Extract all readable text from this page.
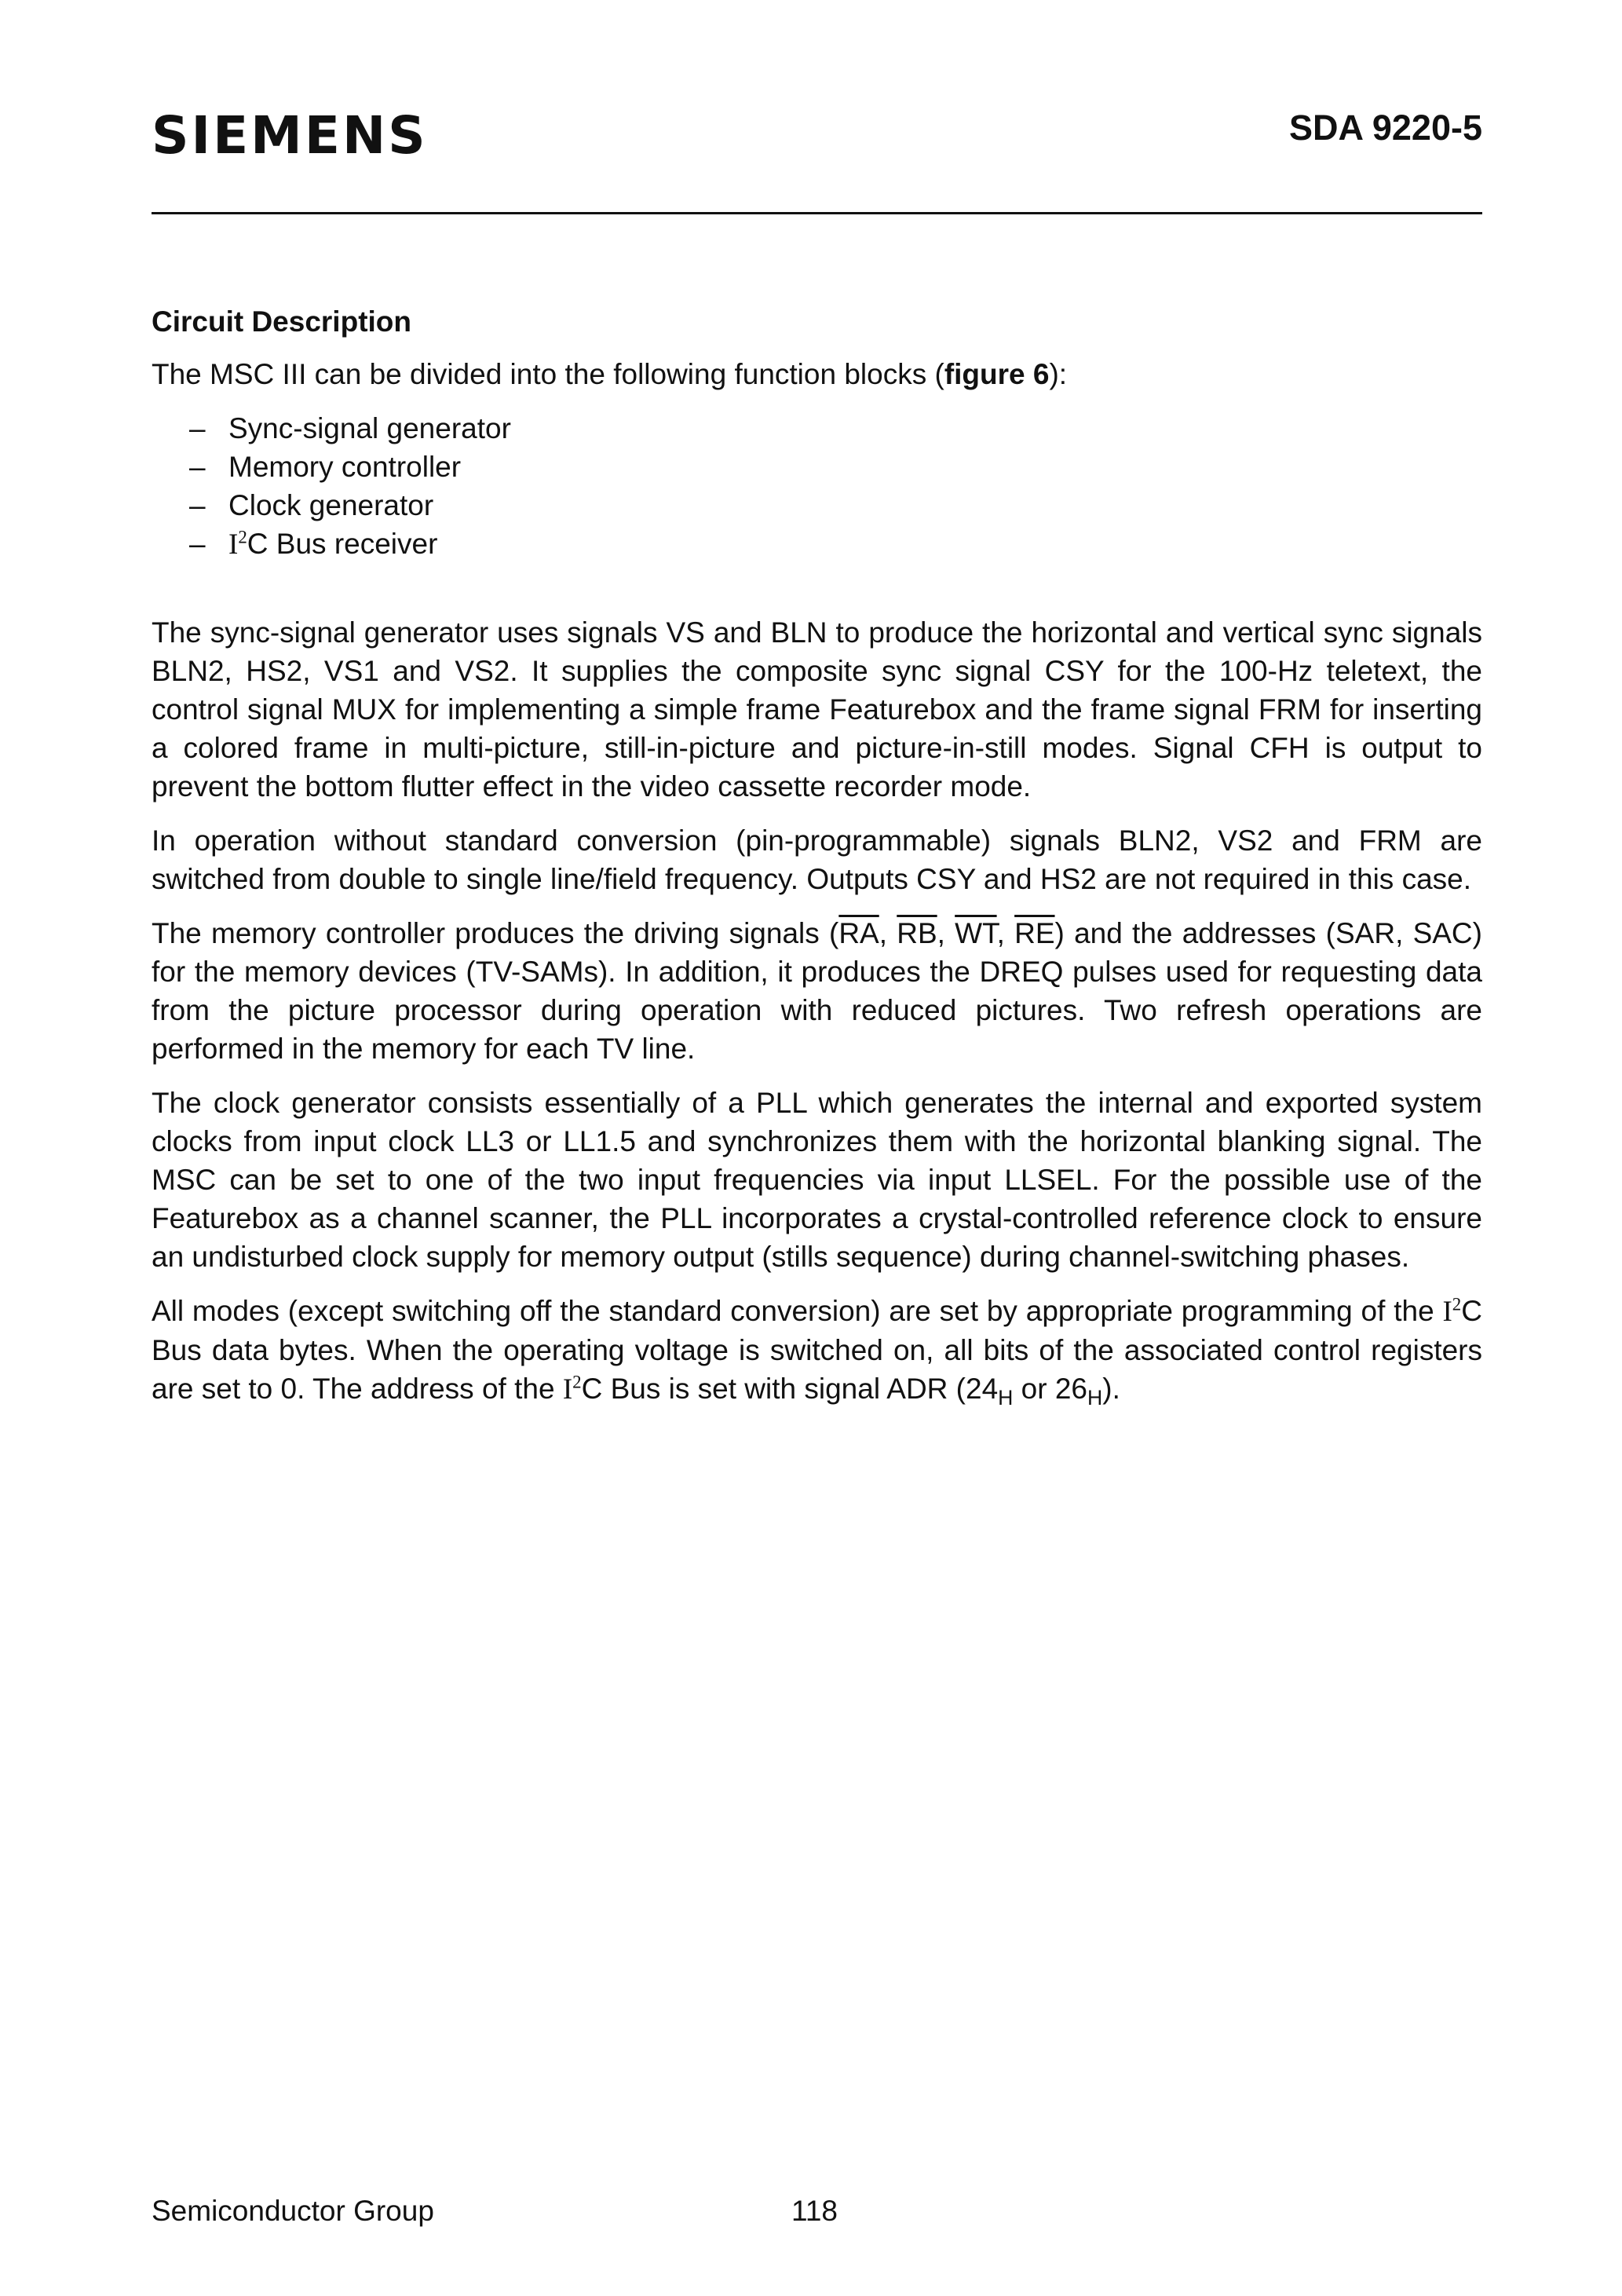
SIEMENS	SDA 9220-5
Circuit Description

The MSC III can be divided into the following function blocks (figure 6):

– Sync-signal generator
– Memory controller
– Clock generator
– $I^2C$ Bus receiver

The sync-signal generator uses signals VS and BLN to produce the horizontal and vertical sync signals BLN2, HS2, VS1 and VS2. It supplies the composite sync signal CSY for the 100-Hz teletext, the control signal MUX for implementing a simple frame Featurebox and the frame signal FRM for inserting a colored frame in multi-picture, still-in-picture and picture-in-still modes. Signal CFH is output to prevent the bottom flutter effect in the video cassette recorder mode.

In operation without standard conversion (pin-programmable) signals BLN2, VS2 and FRM are switched from double to single line/field frequency. Outputs CSY and HS2 are not required in this case.

The memory controller produces the driving signals ($\overline{RA}$, $\overline{RB}$, $\overline{WT}$, $\overline{RE}$) and the addresses (SAR, SAC) for the memory devices (TV-SAMs). In addition, it produces the DREQ pulses used for requesting data from the picture processor during operation with reduced pictures. Two refresh operations are performed in the memory for each TV line.

The clock generator consists essentially of a PLL which generates the internal and exported system clocks from input clock LL3 or LL1.5 and synchronizes them with the horizontal blanking signal. The MSC can be set to one of the two input frequencies via input LLSEL. For the possible use of the Featurebox as a channel scanner, the PLL incorporates a crystal-controlled reference clock to ensure an undisturbed clock supply for memory output (stills sequence) during channel-switching phases.

All modes (except switching off the standard conversion) are set by appropriate programming of the $I^2C$ Bus data bytes. When the operating voltage is switched on, all bits of the associated control registers are set to 0. The address of the $I^2C$ Bus is set with signal ADR ($24_H$ or $26_H$).

Semiconductor Group	118
